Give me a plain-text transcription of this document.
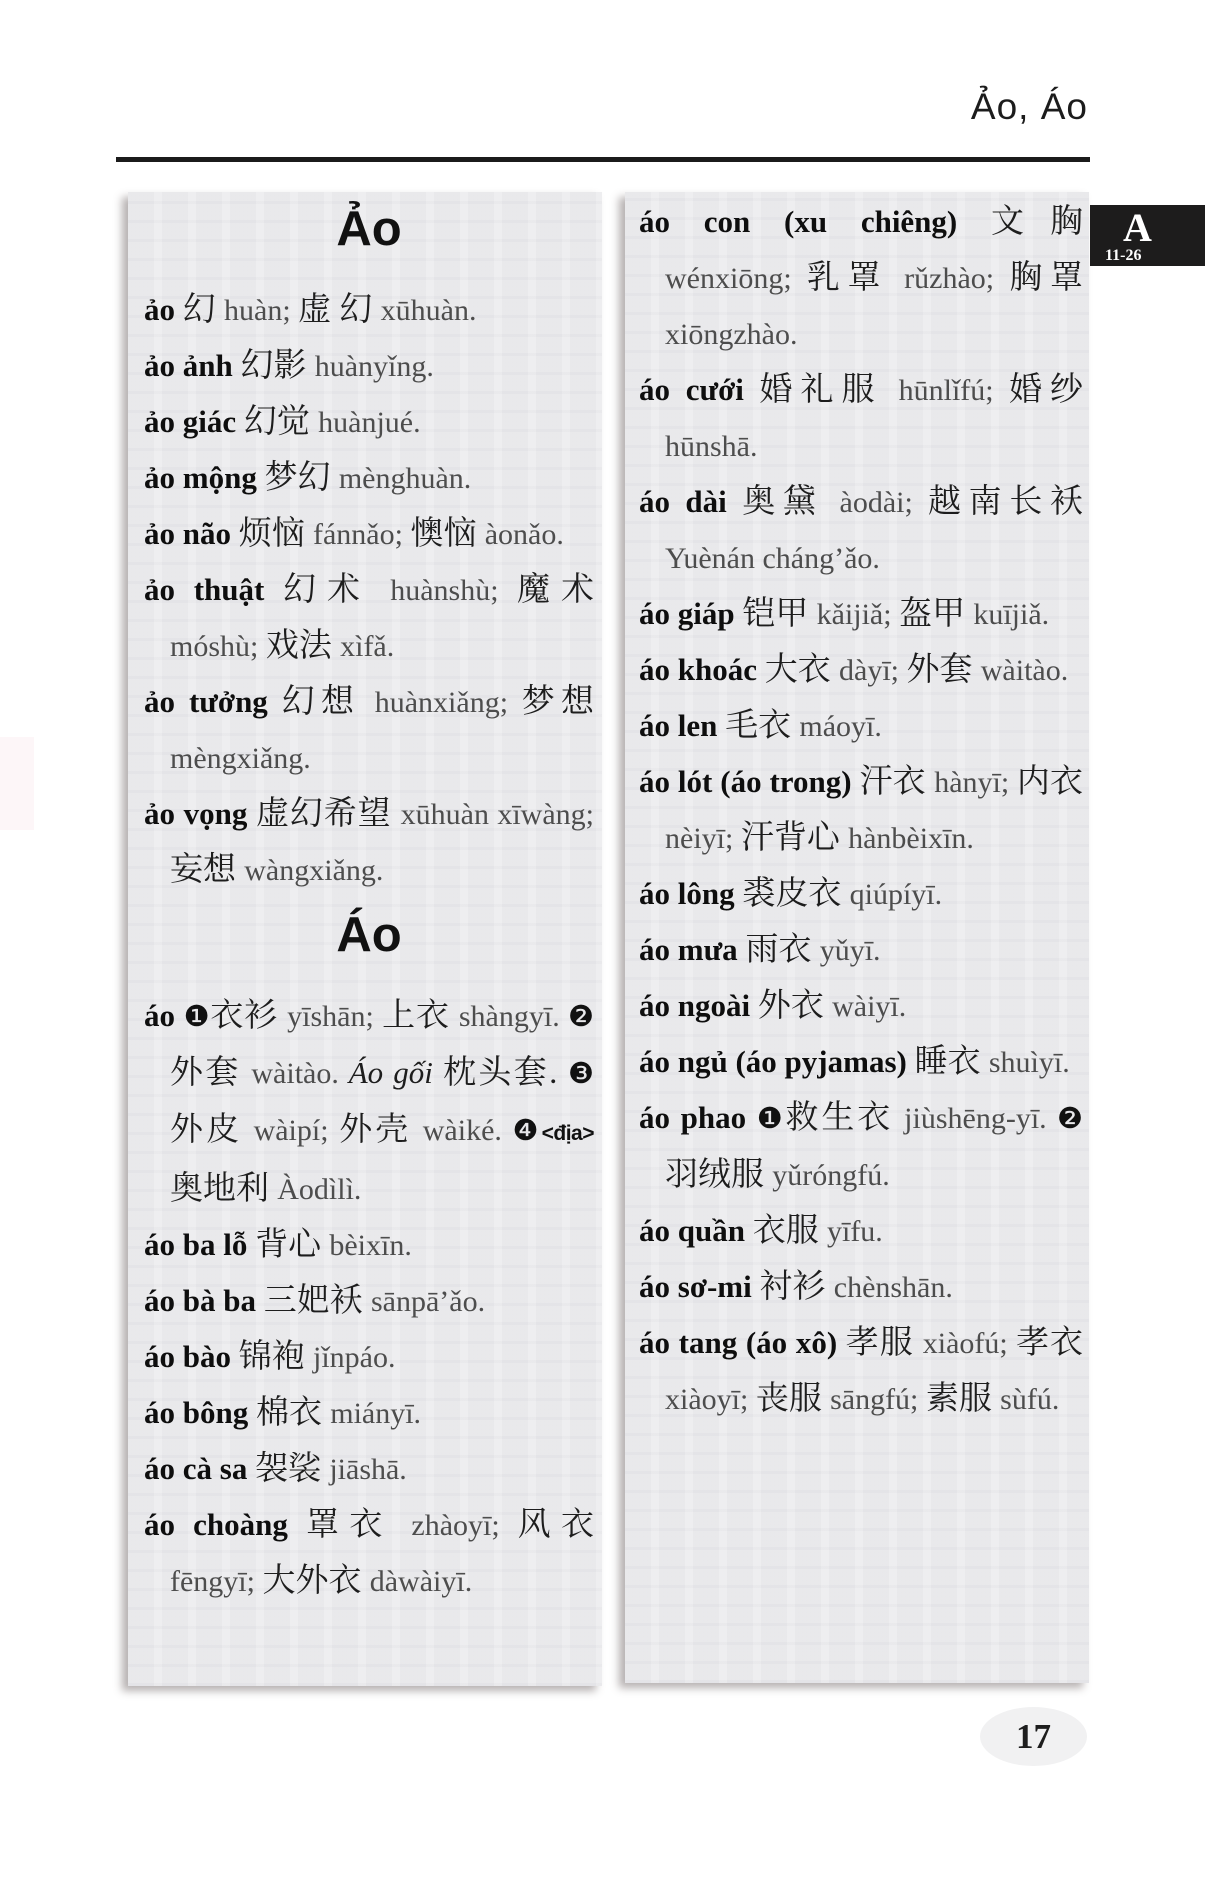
Ảo, Áo
Ảo
ảo 幻 huàn; 虚 幻 xūhuàn.
ảo ảnh 幻影 huànyǐng.
ảo giác 幻觉 huànjué.
ảo mộng 梦幻 mènghuàn.
ảo não 烦恼 fánnǎo; 懊恼 àonǎo.
ảo thuật 幻术 huànshù; 魔术 móshù; 戏法 xìfǎ.
ảo tưởng 幻想 huànxiǎng; 梦想 mèngxiǎng.
ảo vọng 虚幻希望 xūhuàn xīwàng; 妄想 wàngxiǎng.
Áo
áo ❶衣衫 yīshān; 上衣 shàngyī. ❷外套 wàitào. Áo gối 枕头套. ❸外皮 wàipí; 外壳 wàiké. ❹<địa> 奥地利 Àodìlì.
áo ba lỗ 背心 bèixīn.
áo bà ba 三妑袄 sānpā’ǎo.
áo bào 锦袍 jǐnpáo.
áo bông 棉衣 miányī.
áo cà sa 袈裟 jiāshā.
áo choàng 罩衣 zhàoyī; 风衣 fēngyī; 大外衣 dàwàiyī.
áo con (xu chiêng) 文胸 wénxiōng; 乳罩 rǔzhào; 胸罩 xiōngzhào.
áo cưới 婚礼服 hūnlǐfú; 婚纱 hūnshā.
áo dài 奥黛 àodài; 越南长袄 Yuènán cháng’ǎo.
áo giáp 铠甲 kǎijiǎ; 盔甲 kuījiǎ.
áo khoác 大衣 dàyī; 外套 wàitào.
áo len 毛衣 máoyī.
áo lót (áo trong) 汗衣 hànyī; 内衣 nèiyī; 汗背心 hànbèixīn.
áo lông 裘皮衣 qiúpíyī.
áo mưa 雨衣 yǔyī.
áo ngoài 外衣 wàiyī.
áo ngủ (áo pyjamas) 睡衣 shuìyī.
áo phao ❶救生衣 jiùshēng-yī. ❷羽绒服 yǔróngfú.
áo quần 衣服 yīfu.
áo sơ-mi 衬衫 chènshān.
áo tang (áo xô) 孝服 xiàofú; 孝衣 xiàoyī; 丧服 sāngfú; 素服 sùfú.
A
11-26
17
